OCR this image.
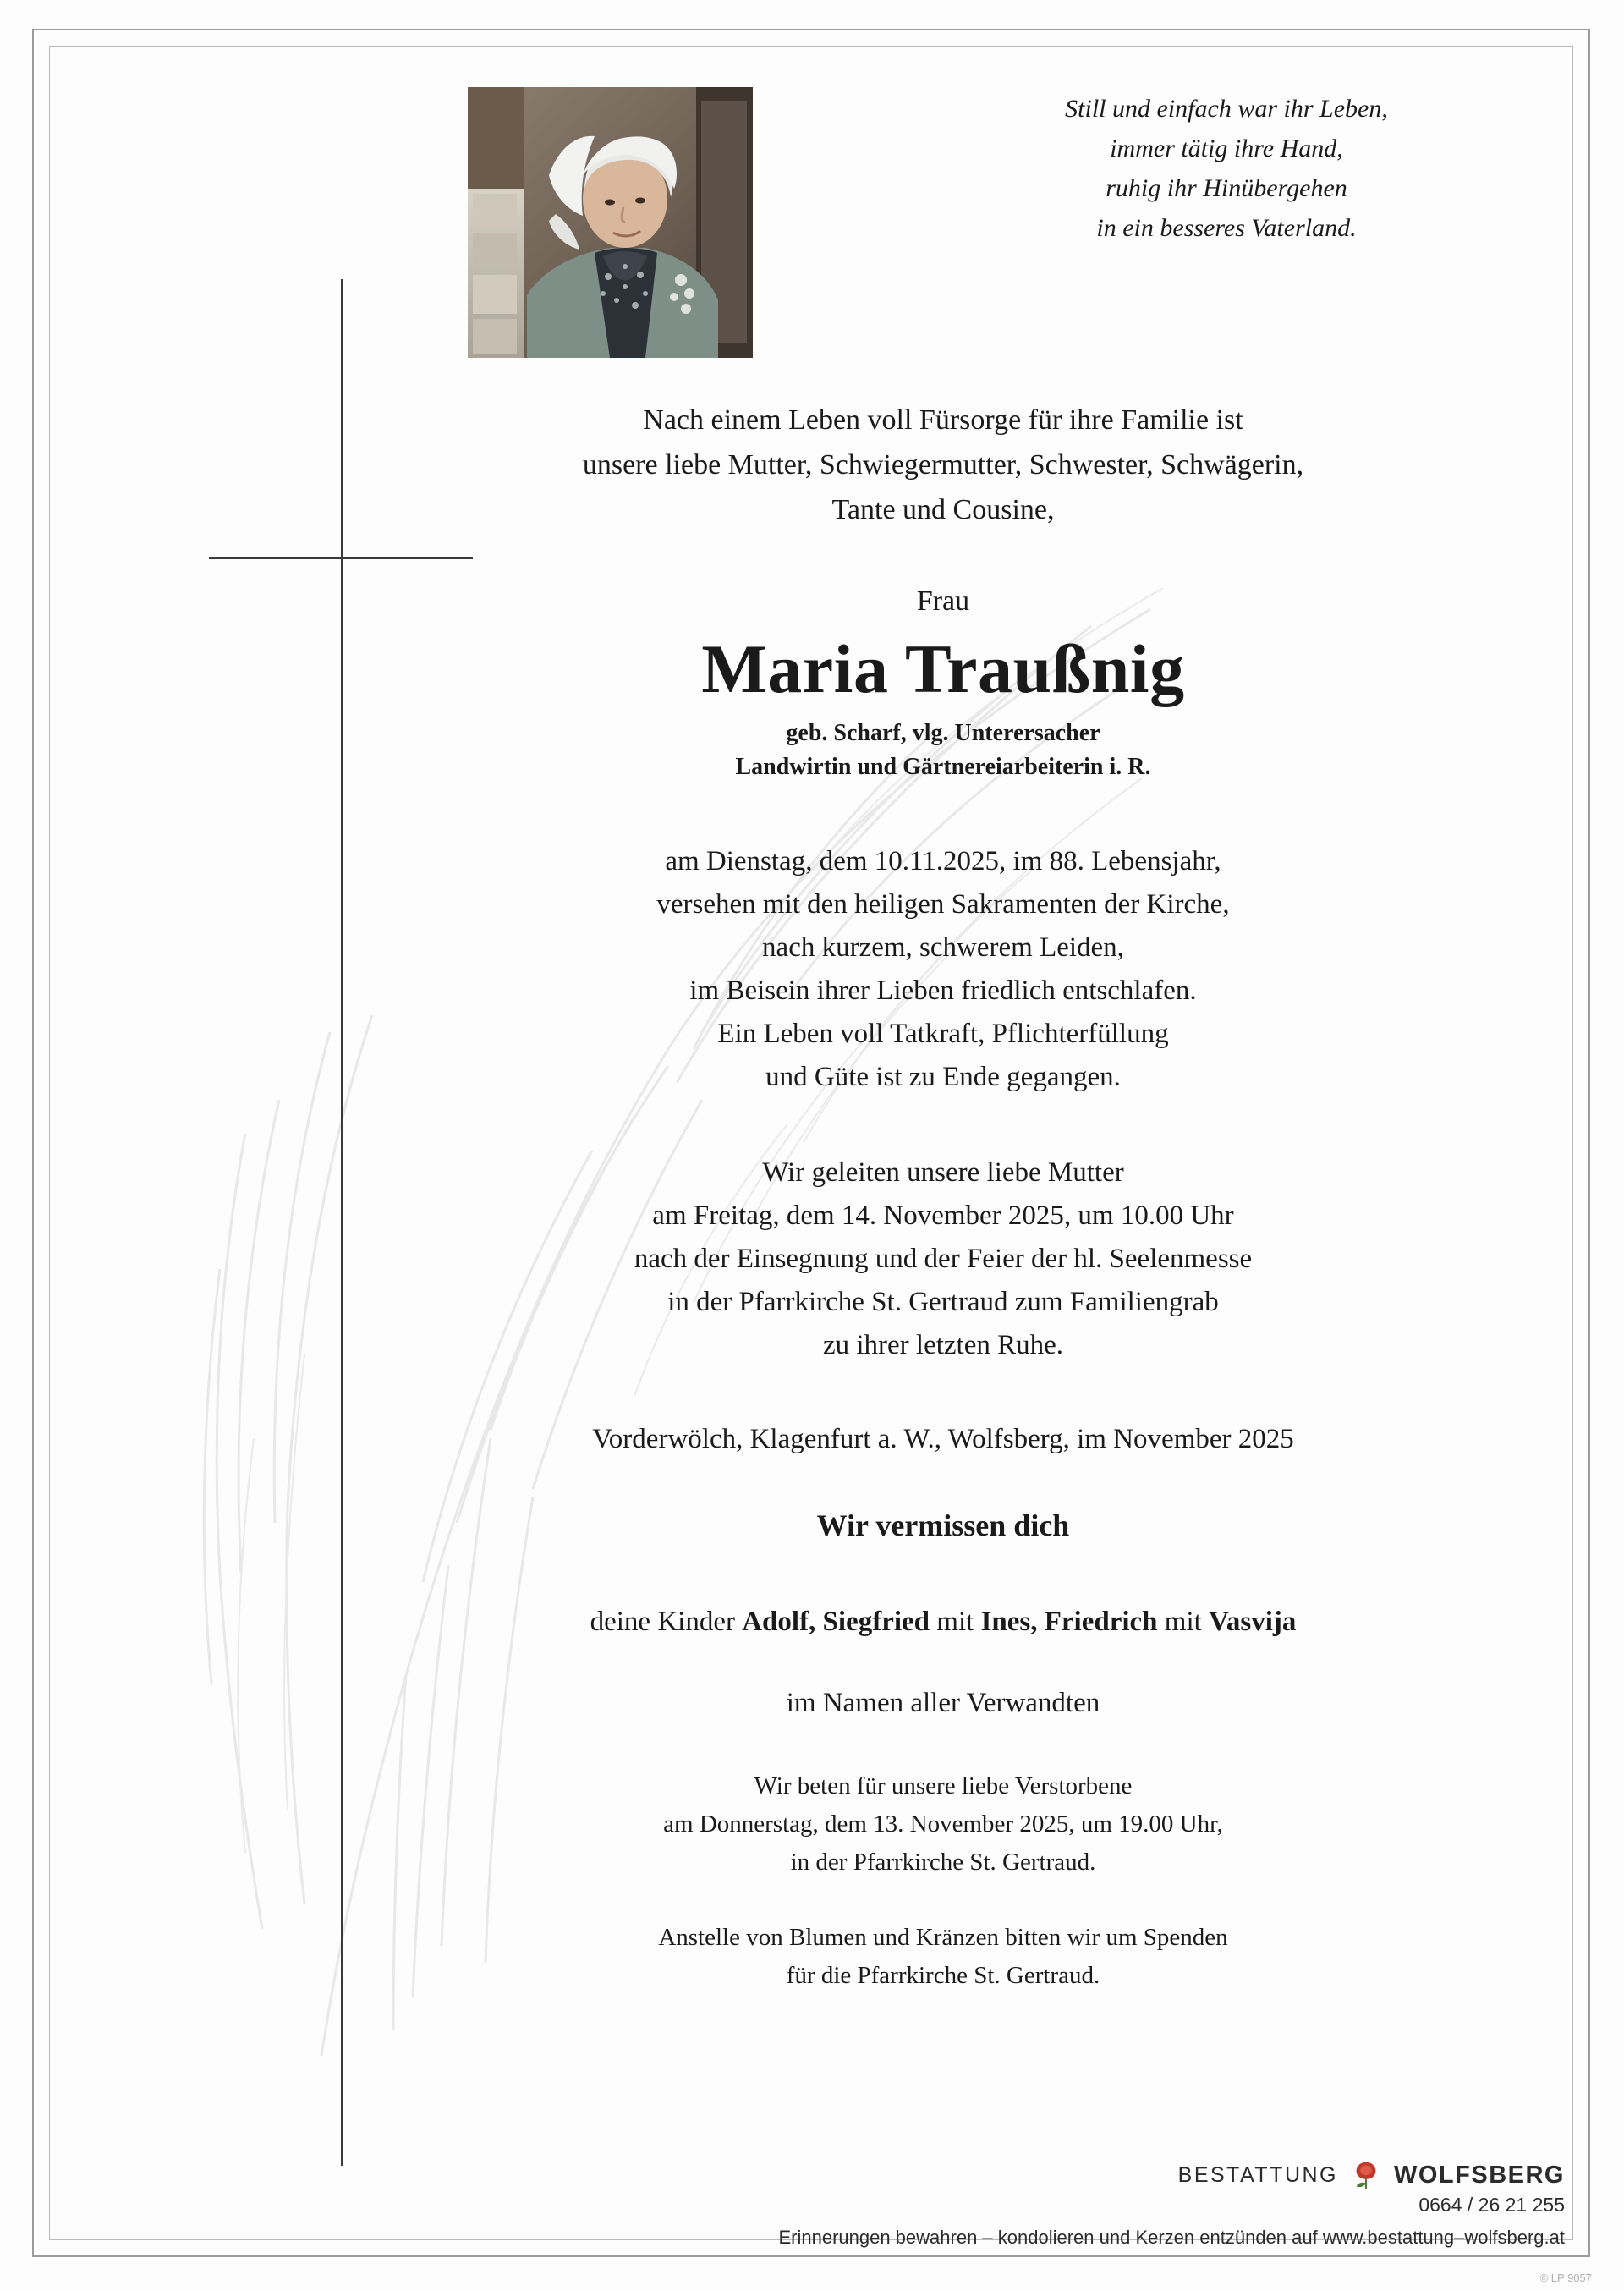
Still und einfach war ihr Leben,
immer tätig ihre Hand,
ruhig ihr Hinübergehen
in ein besseres Vaterland.
Nach einem Leben voll Fürsorge für ihre Familie ist
unsere liebe Mutter, Schwiegermutter, Schwester, Schwägerin,
Tante und Cousine,
Frau
Maria Traußnig
geb. Scharf, vlg. Unterersacher
Landwirtin und Gärtnereiarbeiterin i. R.
am Dienstag, dem 10.11.2025, im 88. Lebensjahr,
versehen mit den heiligen Sakramenten der Kirche,
nach kurzem, schwerem Leiden,
im Beisein ihrer Lieben friedlich entschlafen.
Ein Leben voll Tatkraft, Pflichterfüllung
und Güte ist zu Ende gegangen.
Wir geleiten unsere liebe Mutter
am Freitag, dem 14. November 2025, um 10.00 Uhr
nach der Einsegnung und der Feier der hl. Seelenmesse
in der Pfarrkirche St. Gertraud zum Familiengrab
zu ihrer letzten Ruhe.
Vorderwölch, Klagenfurt a. W., Wolfsberg, im November 2025
Wir vermissen dich
deine Kinder Adolf, Siegfried mit Ines, Friedrich mit Vasvija
im Namen aller Verwandten
Wir beten für unsere liebe Verstorbene
am Donnerstag, dem 13. November 2025, um 19.00 Uhr,
in der Pfarrkirche St. Gertraud.
Anstelle von Blumen und Kränzen bitten wir um Spenden
für die Pfarrkirche St. Gertraud.
BESTATTUNG WOLFSBERG
0664 / 26 21 255
Erinnerungen bewahren – kondolieren und Kerzen entzünden auf www.bestattung–wolfsberg.at
© LP 9057
